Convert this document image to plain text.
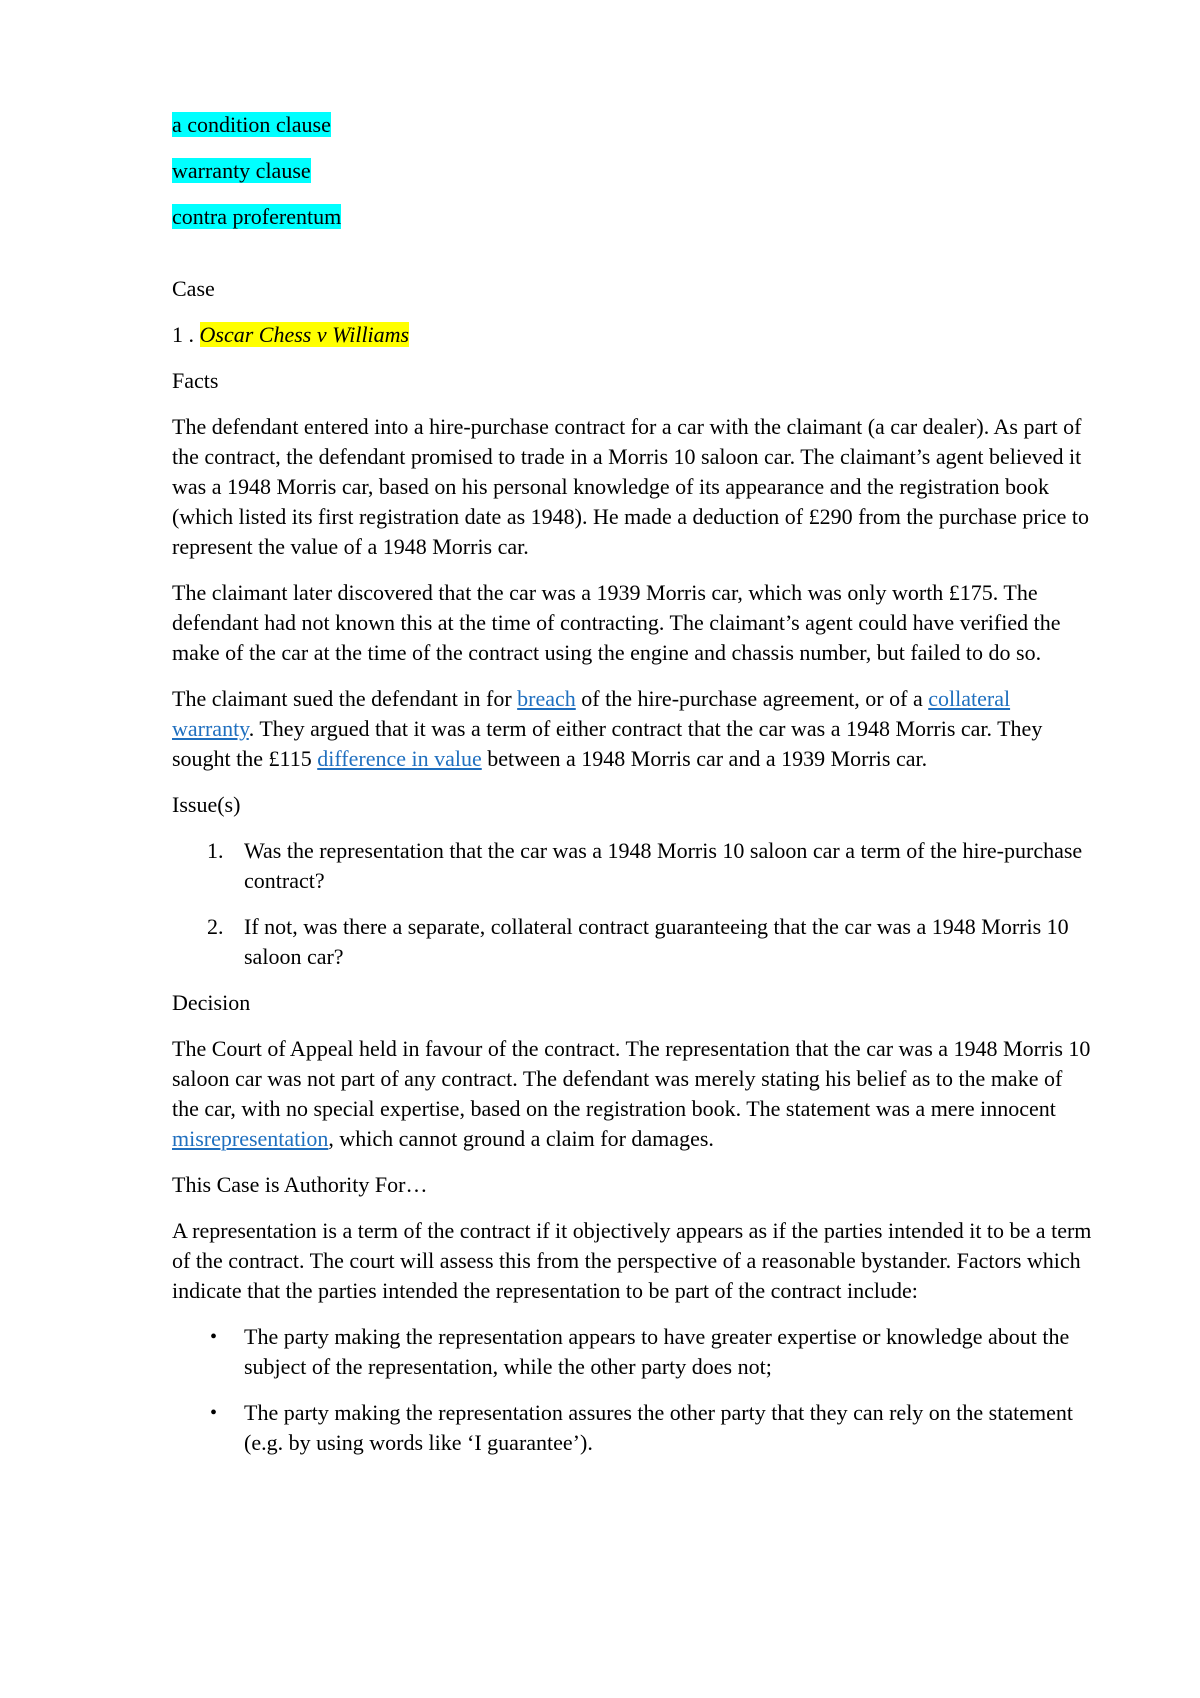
a condition clause
warranty clause
contra proferentum

Case

1 . Oscar Chess v Williams

Facts

The defendant entered into a hire-purchase contract for a car with the claimant (a car dealer). As part of the contract, the defendant promised to trade in a Morris 10 saloon car. The claimant’s agent believed it was a 1948 Morris car, based on his personal knowledge of its appearance and the registration book (which listed its first registration date as 1948). He made a deduction of £290 from the purchase price to represent the value of a 1948 Morris car.

The claimant later discovered that the car was a 1939 Morris car, which was only worth £175. The defendant had not known this at the time of contracting. The claimant’s agent could have verified the make of the car at the time of the contract using the engine and chassis number, but failed to do so.

The claimant sued the defendant in for breach of the hire-purchase agreement, or of a collateral warranty. They argued that it was a term of either contract that the car was a 1948 Morris car. They sought the £115 difference in value between a 1948 Morris car and a 1939 Morris car.

Issue(s)

1. Was the representation that the car was a 1948 Morris 10 saloon car a term of the hire-purchase contract?
2. If not, was there a separate, collateral contract guaranteeing that the car was a 1948 Morris 10 saloon car?

Decision

The Court of Appeal held in favour of the contract. The representation that the car was a 1948 Morris 10 saloon car was not part of any contract. The defendant was merely stating his belief as to the make of the car, with no special expertise, based on the registration book. The statement was a mere innocent misrepresentation, which cannot ground a claim for damages.

This Case is Authority For…

A representation is a term of the contract if it objectively appears as if the parties intended it to be a term of the contract. The court will assess this from the perspective of a reasonable bystander. Factors which indicate that the parties intended the representation to be part of the contract include:

• The party making the representation appears to have greater expertise or knowledge about the subject of the representation, while the other party does not;
• The party making the representation assures the other party that they can rely on the statement (e.g. by using words like ‘I guarantee’).
